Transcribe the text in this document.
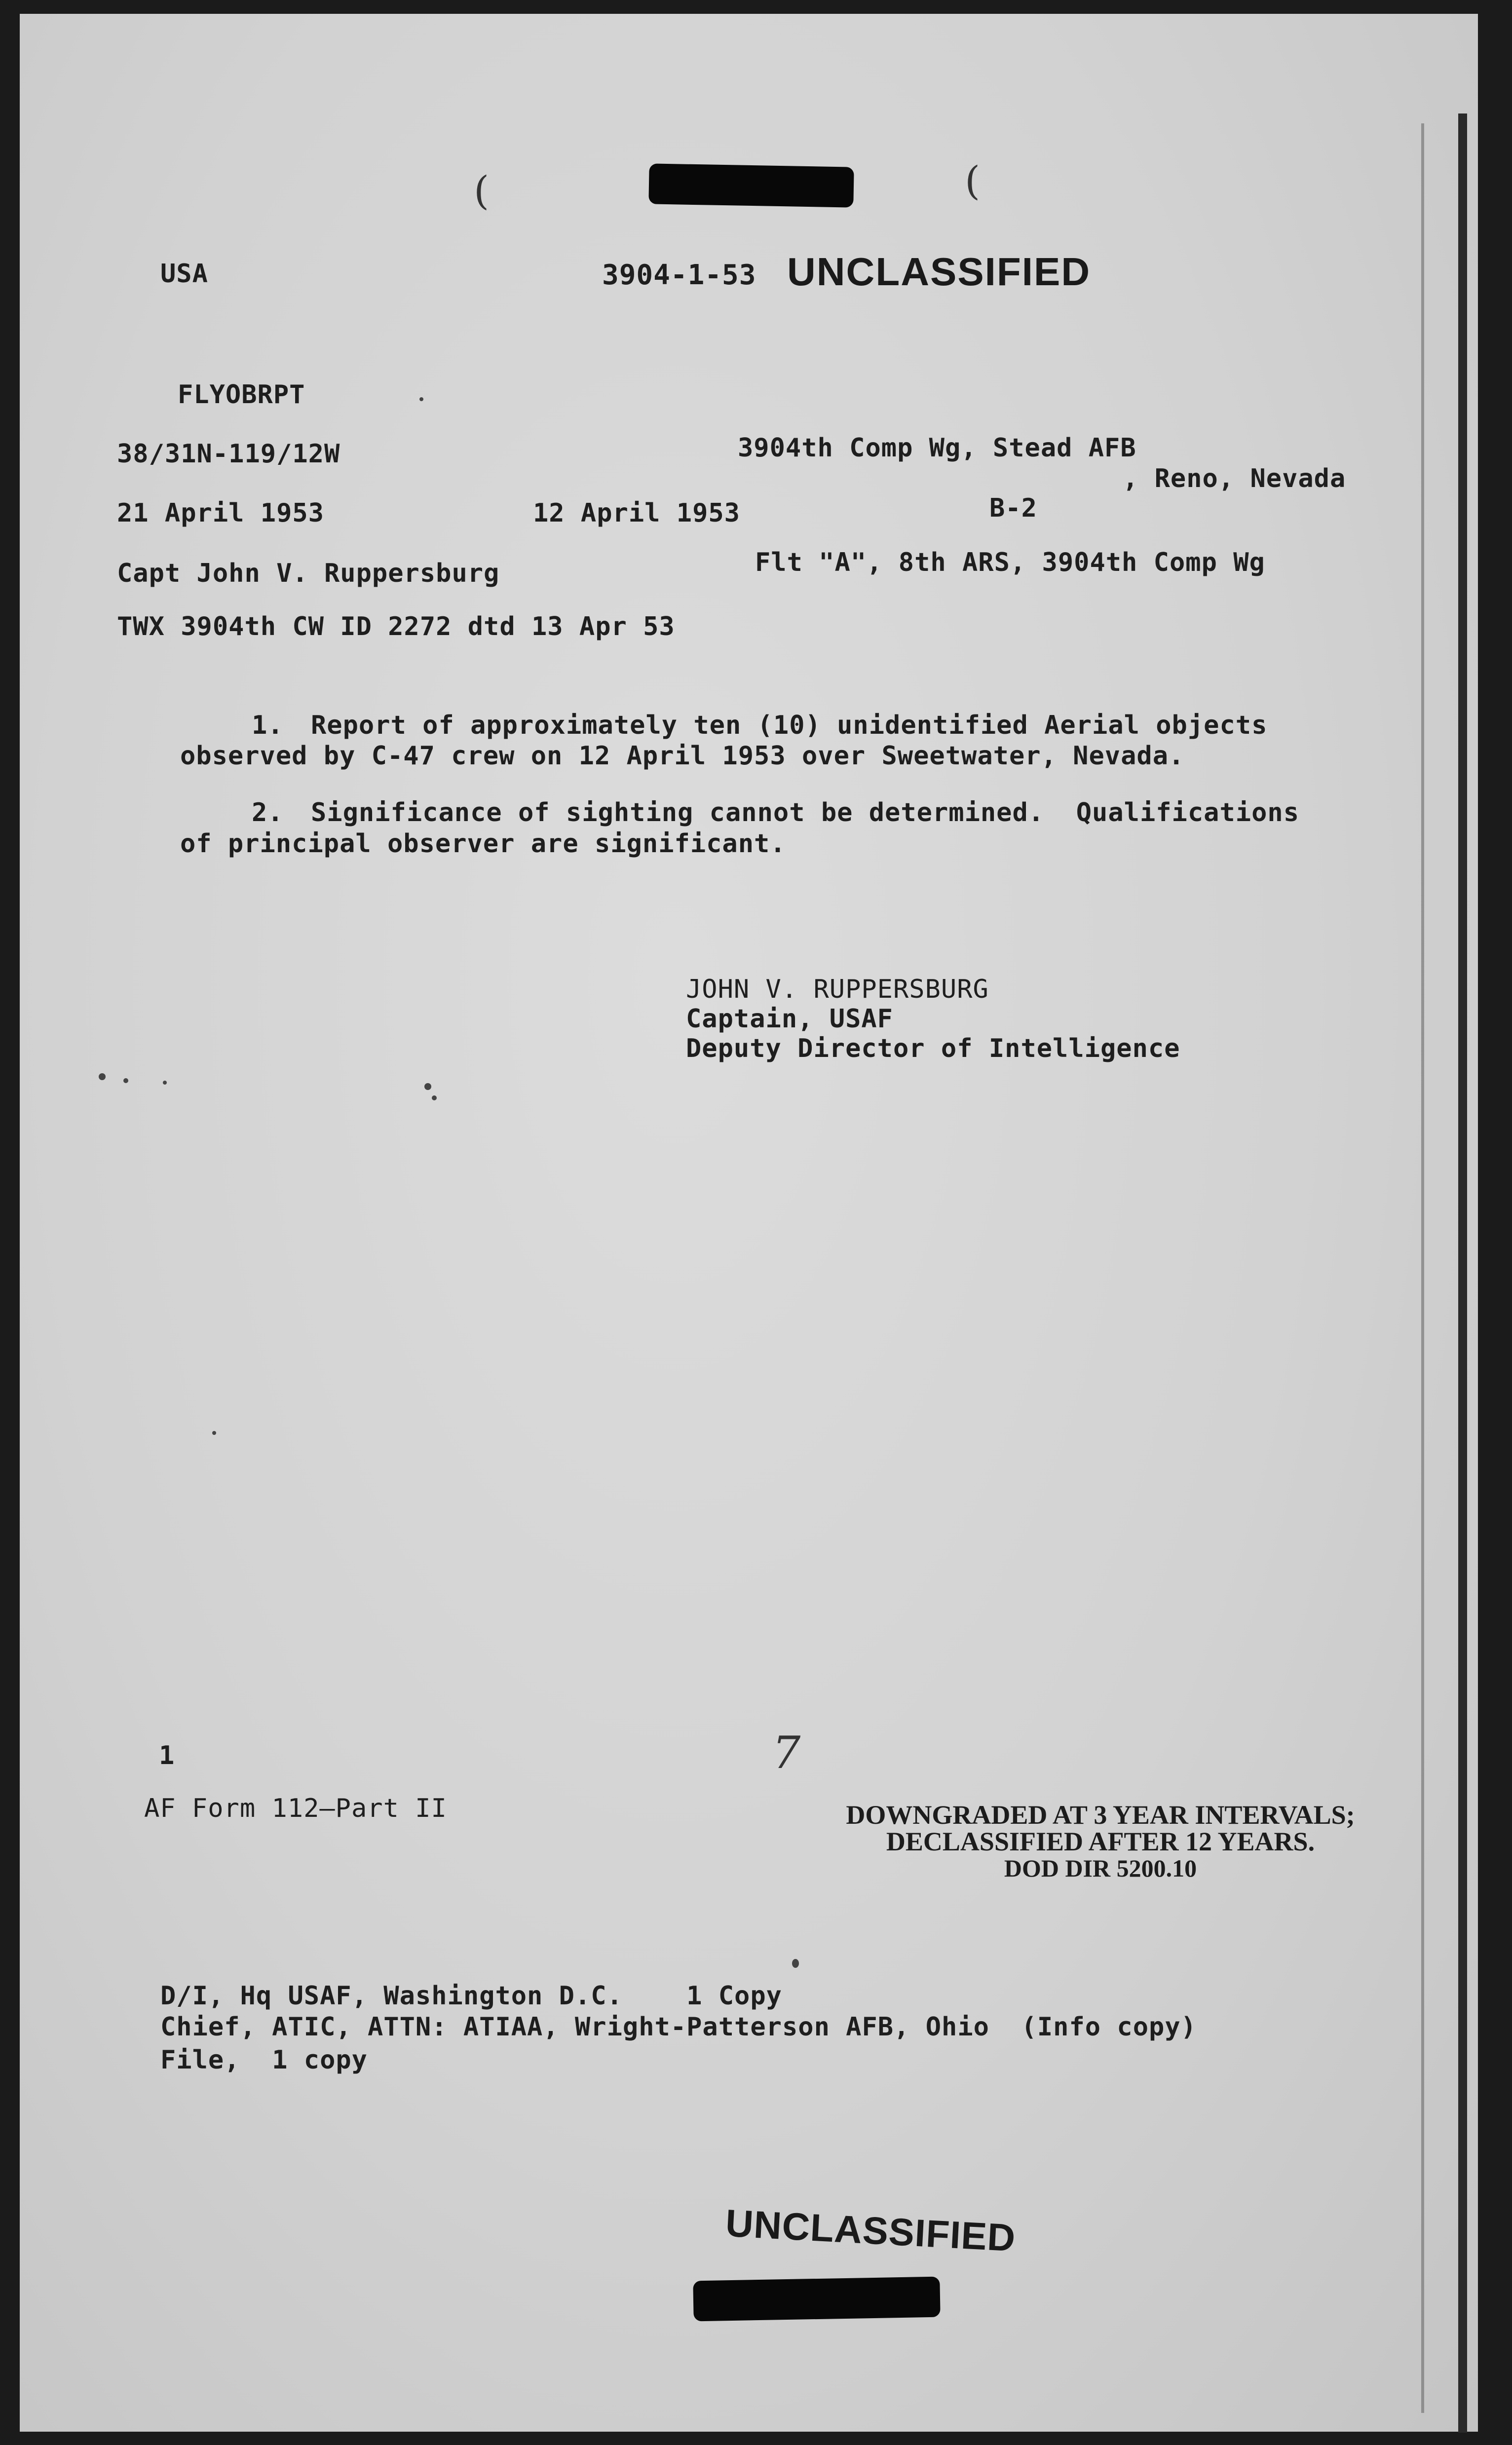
(	(
USA	3904-1-53 UNCLASSIFIED
FLYOBRPT
38/31N-119/12W	3904th Comp Wg, Stead AFB
, Reno, Nevada
21 April 1953	12 April 1953	B-2
Capt John V. Ruppersburg	Flt "A", 8th ARS, 3904th Comp Wg
TWX 3904th CW ID 2272 dtd 13 Apr 53
1. Report of approximately ten (10) unidentified Aerial objects
observed by C-47 crew on 12 April 1953 over Sweetwater, Nevada.
2. Significance of sighting cannot be determined.  Qualifications
of principal observer are significant.
JOHN V. RUPPERSBURG
Captain, USAF
Deputy Director of Intelligence
1	7
AF Form 112—Part II	DOWNGRADED AT 3 YEAR INTERVALS;
DECLASSIFIED AFTER 12 YEARS.
DOD DIR 5200.10
D/I, Hq USAF, Washington D.C.    1 Copy
Chief, ATIC, ATTN: ATIAA, Wright-Patterson AFB, Ohio  (Info copy)
File,  1 copy
UNCLASSIFIED
